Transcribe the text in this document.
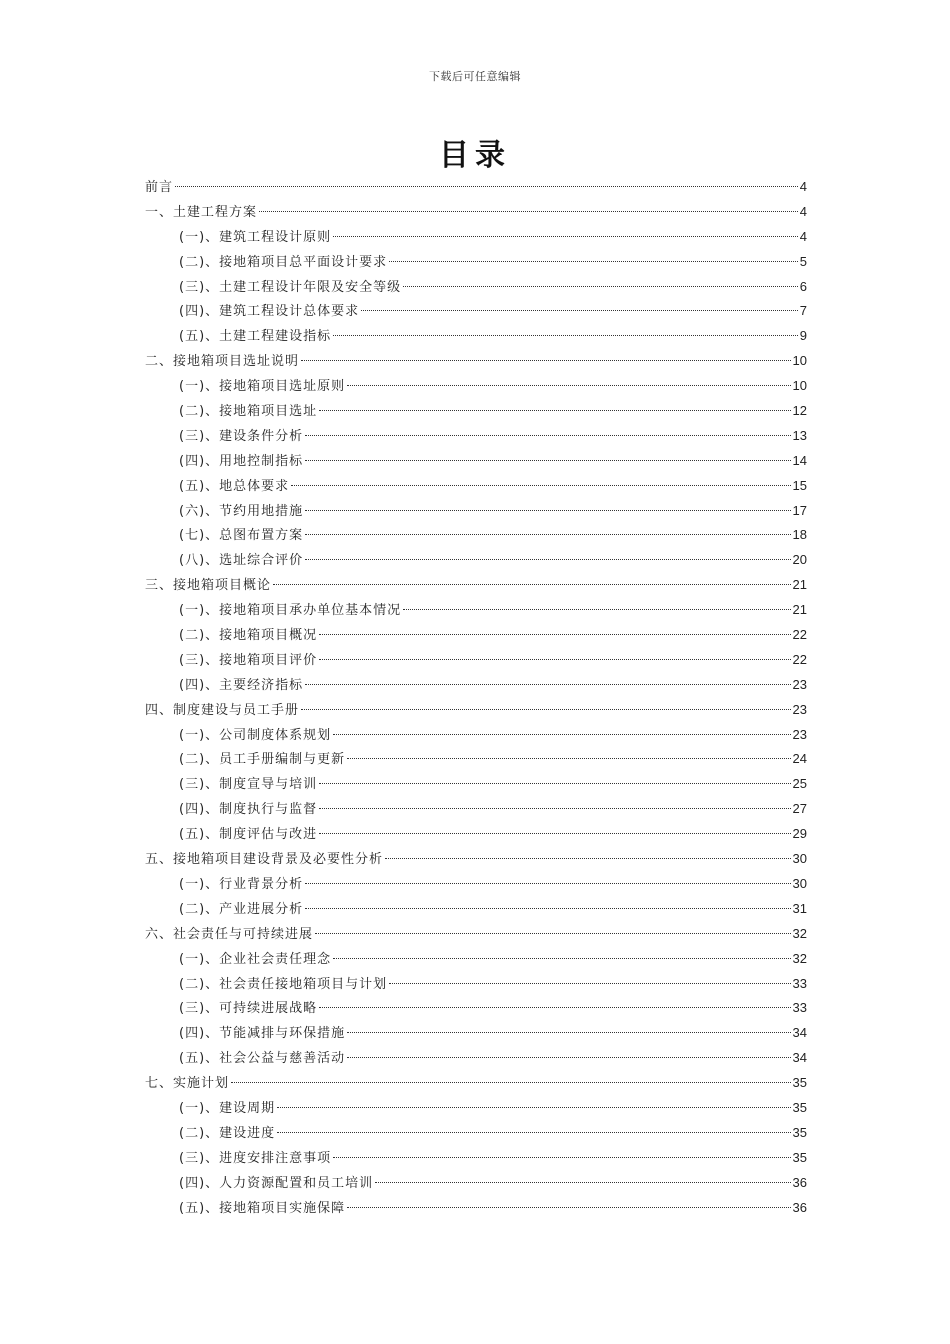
下载后可任意编辑
目录
前言	4
一、土建工程方案	4
(一)、建筑工程设计原则	4
(二)、接地箱项目总平面设计要求	5
(三)、土建工程设计年限及安全等级	6
(四)、建筑工程设计总体要求	7
(五)、土建工程建设指标	9
二、接地箱项目选址说明	10
(一)、接地箱项目选址原则	10
(二)、接地箱项目选址	12
(三)、建设条件分析	13
(四)、用地控制指标	14
(五)、地总体要求	15
(六)、节约用地措施	17
(七)、总图布置方案	18
(八)、选址综合评价	20
三、接地箱项目概论	21
(一)、接地箱项目承办单位基本情况	21
(二)、接地箱项目概况	22
(三)、接地箱项目评价	22
(四)、主要经济指标	23
四、制度建设与员工手册	23
(一)、公司制度体系规划	23
(二)、员工手册编制与更新	24
(三)、制度宣导与培训	25
(四)、制度执行与监督	27
(五)、制度评估与改进	29
五、接地箱项目建设背景及必要性分析	30
(一)、行业背景分析	30
(二)、产业进展分析	31
六、社会责任与可持续进展	32
(一)、企业社会责任理念	32
(二)、社会责任接地箱项目与计划	33
(三)、可持续进展战略	33
(四)、节能减排与环保措施	34
(五)、社会公益与慈善活动	34
七、实施计划	35
(一)、建设周期	35
(二)、建设进度	35
(三)、进度安排注意事项	35
(四)、人力资源配置和员工培训	36
(五)、接地箱项目实施保障	36
